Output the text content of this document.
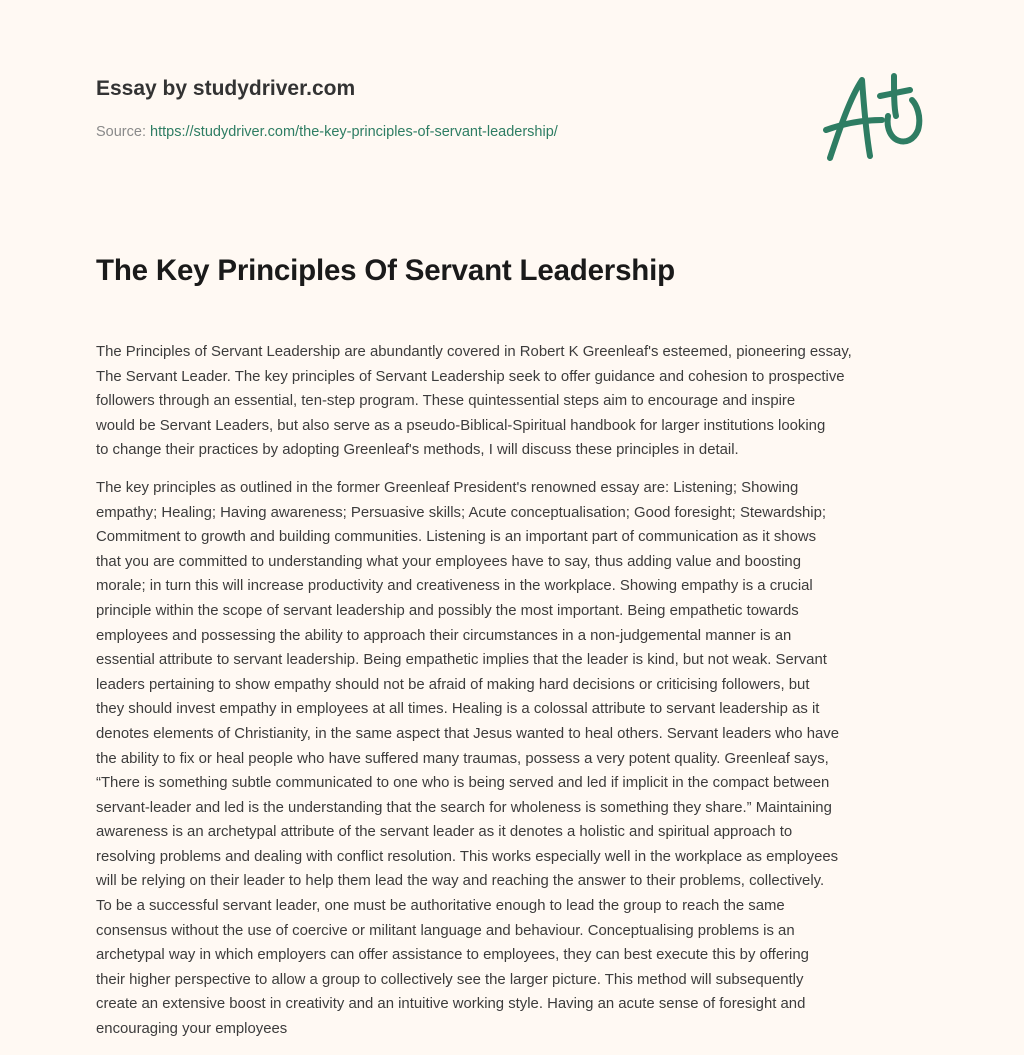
Essay by studydriver.com
Source: https://studydriver.com/the-key-principles-of-servant-leadership/
The Key Principles Of Servant Leadership

The Principles of Servant Leadership are abundantly covered in Robert K Greenleaf's esteemed, pioneering essay,
The Servant Leader. The key principles of Servant Leadership seek to offer guidance and cohesion to prospective
followers through an essential, ten-step program. These quintessential steps aim to encourage and inspire
would be Servant Leaders, but also serve as a pseudo-Biblical-Spiritual handbook for larger institutions looking
to change their practices by adopting Greenleaf's methods, I will discuss these principles in detail.

The key principles as outlined in the former Greenleaf President's renowned essay are: Listening; Showing
empathy; Healing; Having awareness; Persuasive skills; Acute conceptualisation; Good foresight; Stewardship;
Commitment to growth and building communities. Listening is an important part of communication as it shows
that you are committed to understanding what your employees have to say, thus adding value and boosting
morale; in turn this will increase productivity and creativeness in the workplace. Showing empathy is a crucial
principle within the scope of servant leadership and possibly the most important. Being empathetic towards
employees and possessing the ability to approach their circumstances in a non-judgemental manner is an
essential attribute to servant leadership. Being empathetic implies that the leader is kind, but not weak. Servant
leaders pertaining to show empathy should not be afraid of making hard decisions or criticising followers, but
they should invest empathy in employees at all times. Healing is a colossal attribute to servant leadership as it
denotes elements of Christianity, in the same aspect that Jesus wanted to heal others. Servant leaders who have
the ability to fix or heal people who have suffered many traumas, possess a very potent quality. Greenleaf says,
“There is something subtle communicated to one who is being served and led if implicit in the compact between
servant-leader and led is the understanding that the search for wholeness is something they share.” Maintaining
awareness is an archetypal attribute of the servant leader as it denotes a holistic and spiritual approach to
resolving problems and dealing with conflict resolution. This works especially well in the workplace as employees
will be relying on their leader to help them lead the way and reaching the answer to their problems, collectively.
To be a successful servant leader, one must be authoritative enough to lead the group to reach the same
consensus without the use of coercive or militant language and behaviour. Conceptualising problems is an
archetypal way in which employers can offer assistance to employees, they can best execute this by offering
their higher perspective to allow a group to collectively see the larger picture. This method will subsequently
create an extensive boost in creativity and an intuitive working style. Having an acute sense of foresight and
encouraging your employees
